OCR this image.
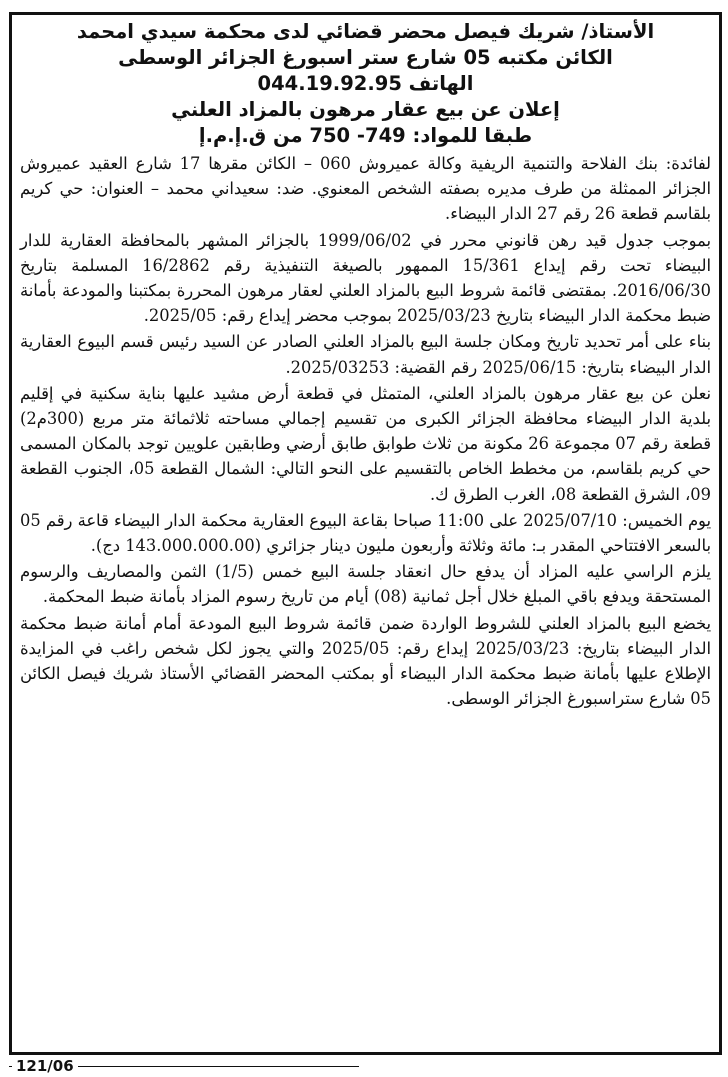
الأستاذ/ شريك فيصل محضر قضائي لدى محكمة سيدي امحمد
الكائن مكتبه 05 شارع ستر اسبورغ الجزائر الوسطى
الهاتف 044.19.92.95
إعلان عن بيع عقار مرهون بالمزاد العلني
طبقا للمواد: 749- 750 من ق.إ.م.إ
لفائدة: بنك الفلاحة والتنمية الريفية وكالة عميروش 060 – الكائن مقرها 17 شارع العقيد عميروش الجزائر الممثلة من طرف مديره بصفته الشخص المعنوي. ضد: سعيداني محمد – العنوان: حي كريم بلقاسم قطعة 26 رقم 27 الدار البيضاء.
بموجب جدول قيد رهن قانوني محرر في 1999/06/02 بالجزائر المشهر بالمحافظة العقارية للدار البيضاء تحت رقم إيداع 15/361 الممهور بالصيغة التنفيذية رقم 16/2862 المسلمة بتاريخ 2016/06/30. بمقتضى قائمة شروط البيع بالمزاد العلني لعقار مرهون المحررة بمكتبنا والمودعة بأمانة ضبط محكمة الدار البيضاء بتاريخ 2025/03/23 بموجب محضر إيداع رقم: 2025/05.
بناء على أمر تحديد تاريخ ومكان جلسة البيع بالمزاد العلني الصادر عن السيد رئيس قسم البيوع العقارية الدار البيضاء بتاريخ: 2025/06/15 رقم القضية: 2025/03253.
نعلن عن بيع عقار مرهون بالمزاد العلني، المتمثل في قطعة أرض مشيد عليها بناية سكنية في إقليم بلدية الدار البيضاء محافظة الجزائر الكبرى من تقسيم إجمالي مساحته ثلاثمائة متر مربع (300م2) قطعة رقم 07 مجموعة 26 مكونة من ثلاث طوابق طابق أرضي وطابقين علويين توجد بالمكان المسمى حي كريم بلقاسم، من مخطط الخاص بالتقسيم على النحو التالي: الشمال القطعة 05، الجنوب القطعة 09، الشرق القطعة 08، الغرب الطرق ك.
يوم الخميس: 2025/07/10 على 11:00 صباحا بقاعة البيوع العقارية محكمة الدار البيضاء قاعة رقم 05 بالسعر الافتتاحي المقدر بـ: مائة وثلاثة وأربعون مليون دينار جزائري (143.000.000.00 دج).
يلزم الراسي عليه المزاد أن يدفع حال انعقاد جلسة البيع خمس (1/5) الثمن والمصاريف والرسوم المستحقة ويدفع باقي المبلغ خلال أجل ثمانية (08) أيام من تاريخ رسوم المزاد بأمانة ضبط المحكمة.
يخضع البيع بالمزاد العلني للشروط الواردة ضمن قائمة شروط البيع المودعة أمام أمانة ضبط محكمة الدار البيضاء بتاريخ: 2025/03/23 إيداع رقم: 2025/05 والتي يجوز لكل شخص راغب في المزايدة الإطلاع عليها بأمانة ضبط محكمة الدار البيضاء أو بمكتب المحضر القضائي الأستاذ شريك فيصل الكائن 05 شارع ستراسبورغ الجزائر الوسطى.
121/06
